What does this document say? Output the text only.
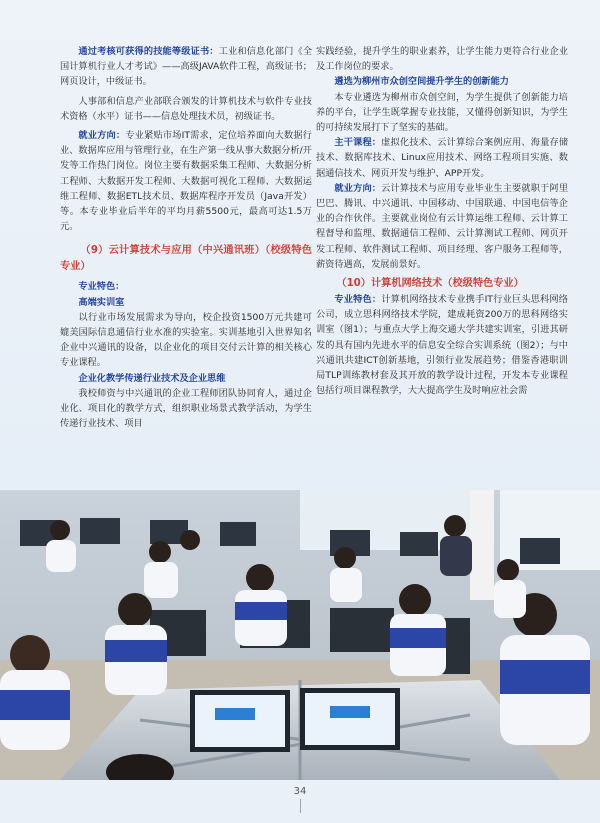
通过考核可获得的技能等级证书：工业和信息化部门《全国计算机行业人才考试》——高级JAVA软件工程，高级证书； 网页设计，中级证书。

人事部和信息产业部联合颁发的计算机技术与软件专业技术资格（水平）证书——信息处理技术员，初级证书。

就业方向：专业紧贴市场IT需求，定位培养面向大数据行业、数据库应用与管理行业，在生产第一线从事大数据分析/开发等工作热门岗位。岗位主要有数据采集工程师、大数据分析工程师、大数据开发工程师、大数据可视化工程师、大数据运维工程师、数据ETL技术员、数据库程序开发员（Java开发）等。本专业毕业后半年的平均月薪5500元，最高可达1.5万元。

（9）云计算技术与应用（中兴通讯班）（校级特色专业）

专业特色：

高端实训室

以行业市场发展需求为导向，校企投资1500万元共建可媲美国际信息通信行业水准的实验室。实训基地引入世界知名企业中兴通讯的设备，以企业化的项目交付云计算的相关核心专业课程。

企业化教学传递行业技术及企业思维

我校师资与中兴通讯的企业工程师团队协同育人，通过企业化、项目化的教学方式，组织职业场景式教学活动，为学生传递行业技术、项目

实践经验，提升学生的职业素养，让学生能力更符合行业企业及工作岗位的要求。

遴选为柳州市众创空间提升学生的创新能力

本专业遴选为柳州市众创空间，为学生提供了创新能力培养的平台，让学生既掌握专业技能，又懂得创新知识，为学生的可持续发展打下了坚实的基础。

主干课程：虚拟化技术、云计算综合案例应用、海量存储技术、数据库技术、Linux应用技术、网络工程项目实施、数据通信技术、网页开发与维护、APP开发。

就业方向：云计算技术与应用专业毕业生主要就职于阿里巴巴、腾讯、中兴通讯、中国移动、中国联通、中国电信等企业的合作伙伴。主要就业岗位有云计算运维工程师、云计算工程督导和监理、数据通信工程师、云计算测试工程师、网页开发工程师、软件测试工程师、项目经理、客户服务工程师等，薪资待遇高，发展前景好。

（10）计算机网络技术（校级特色专业）

专业特色：计算机网络技术专业携手IT行业巨头思科网络公司，成立思科网络技术学院，建成耗资200万的思科网络实训室（图1）；与重点大学上海交通大学共建实训室，引进其研发的具有国内先进水平的信息安全综合实训系统（图2）；与中兴通讯共建ICT创新基地，引领行业发展趋势；借鉴香港职训局TLP训练教材套及其开放的教学设计过程，开发本专业课程包括行项目课程教学，大大提高学生及时响应社会需

34
